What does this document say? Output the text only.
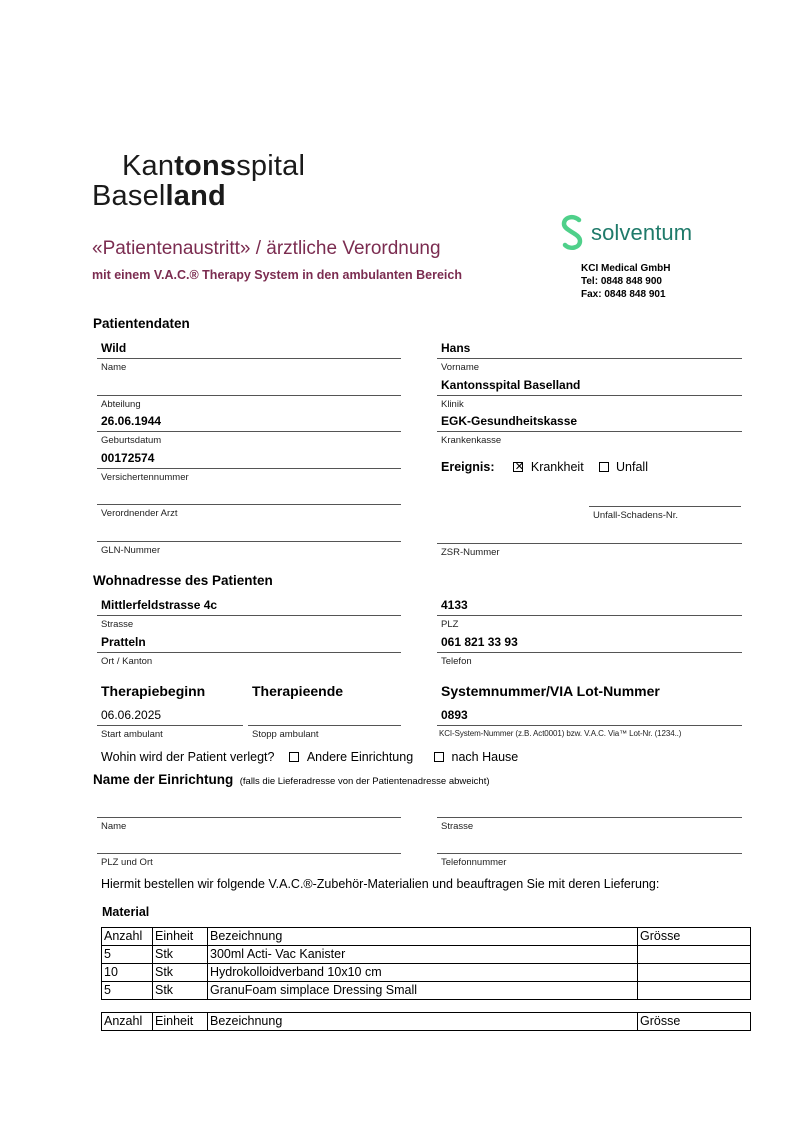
Kantonsspital
Baselland
solventum
KCI Medical GmbH
Tel: 0848 848 900
Fax: 0848 848 901
«Patientenaustritt» / ärztliche Verordnung
mit einem V.A.C.® Therapy System in den ambulanten Bereich
Patientendaten
Wild
Name
Hans
Vorname
Abteilung
Kantonsspital Baselland
Klinik
26.06.1944
Geburtsdatum
EGK-Gesundheitskasse
Krankenkasse
00172574
Versichertennummer
Ereignis: ✕	Krankheit	Unfall
Verordnender Arzt	Unfall-Schadens-Nr.
GLN-Nummer	ZSR-Nummer
Wohnadresse des Patienten
Mittlerfeldstrasse 4c
Strasse
4133
PLZ
Pratteln
Ort / Kanton
061 821 33 93
Telefon
Therapiebeginn	Therapieende	Systemnummer/VIA Lot-Nummer
06.06.2025
Start ambulant	Stopp ambulant
0893
KCI-System-Nummer (z.B. Act0001) bzw. V.A.C. Via™ Lot-Nr. (1234..)
Wohin wird der Patient verlegt?	Andere Einrichtung	nach Hause
Name der Einrichtung (falls die Lieferadresse von der Patientenadresse abweicht)
Name	Strasse
PLZ und Ort	Telefonnummer
Hiermit bestellen wir folgende V.A.C.®-Zubehör-Materialien und beauftragen Sie mit deren Lieferung:
Material
Anzahl	Einheit	Bezeichnung	Grösse
5	Stk	300ml Acti- Vac Kanister	
10	Stk	Hydrokolloidverband 10x10 cm	
5	Stk	GranuFoam simplace Dressing Small	
Anzahl	Einheit	Bezeichnung	Grösse
